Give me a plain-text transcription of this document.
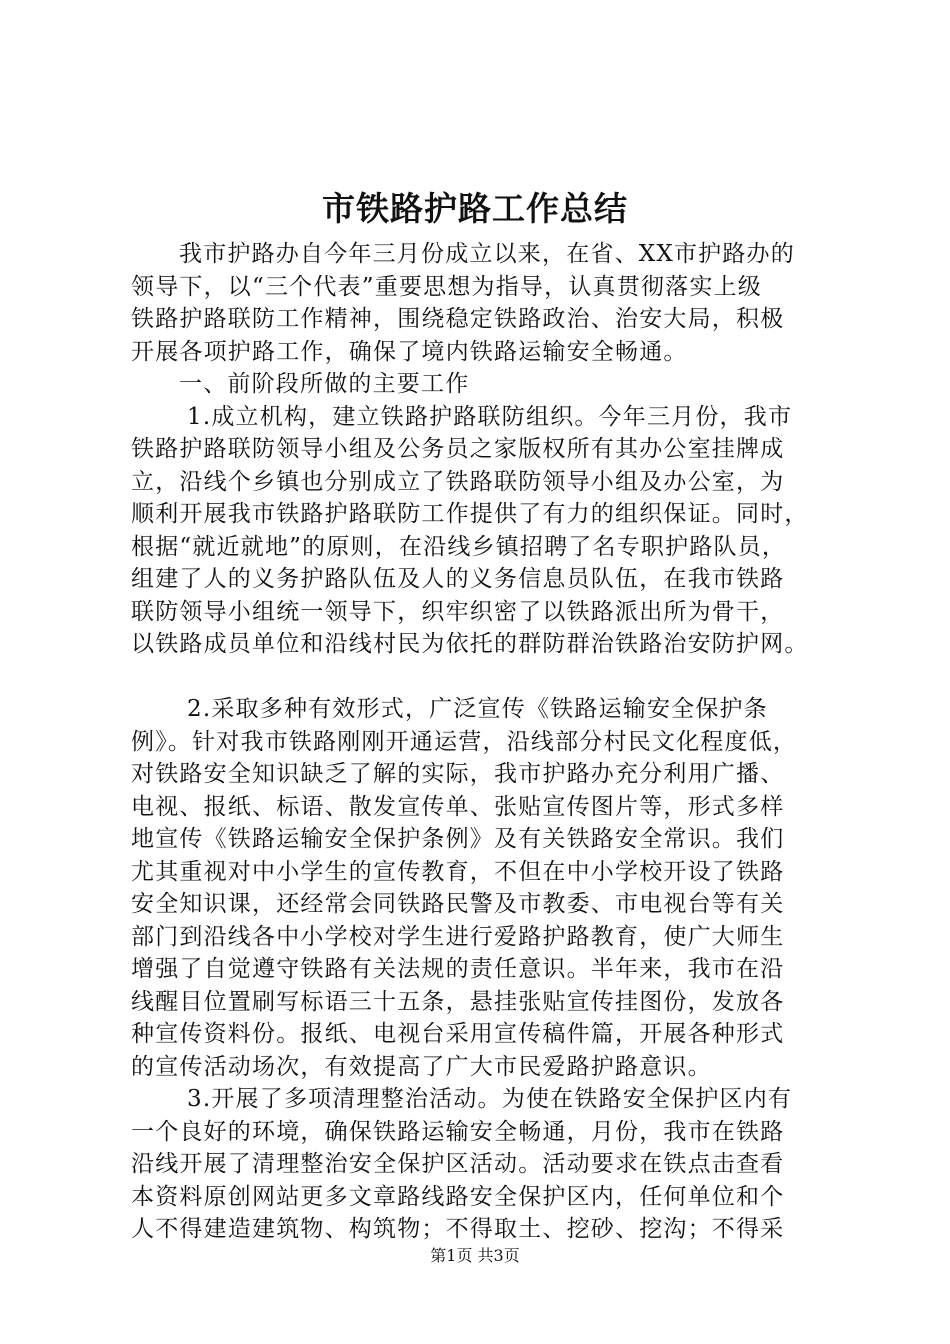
市铁路护路工作总结
我市护路办自今年三月份成立以来，在省、XX市护路办的
领导下，以“三个代表”重要思想为指导，认真贯彻落实上级
铁路护路联防工作精神，围绕稳定铁路政治、治安大局，积极
开展各项护路工作，确保了境内铁路运输安全畅通。
一、前阶段所做的主要工作
1.成立机构，建立铁路护路联防组织。今年三月份，我市
铁路护路联防领导小组及公务员之家版权所有其办公室挂牌成
立，沿线个乡镇也分别成立了铁路联防领导小组及办公室，为
顺利开展我市铁路护路联防工作提供了有力的组织保证。同时，
根据“就近就地”的原则，在沿线乡镇招聘了名专职护路队员，
组建了人的义务护路队伍及人的义务信息员队伍，在我市铁路
联防领导小组统一领导下，织牢织密了以铁路派出所为骨干，
以铁路成员单位和沿线村民为依托的群防群治铁路治安防护网。
2.采取多种有效形式，广泛宣传《铁路运输安全保护条
例》。针对我市铁路刚刚开通运营，沿线部分村民文化程度低，
对铁路安全知识缺乏了解的实际，我市护路办充分利用广播、
电视、报纸、标语、散发宣传单、张贴宣传图片等，形式多样
地宣传《铁路运输安全保护条例》及有关铁路安全常识。我们
尤其重视对中小学生的宣传教育，不但在中小学校开设了铁路
安全知识课，还经常会同铁路民警及市教委、市电视台等有关
部门到沿线各中小学校对学生进行爱路护路教育，使广大师生
增强了自觉遵守铁路有关法规的责任意识。半年来，我市在沿
线醒目位置刷写标语三十五条，悬挂张贴宣传挂图份，发放各
种宣传资料份。报纸、电视台采用宣传稿件篇，开展各种形式
的宣传活动场次，有效提高了广大市民爱路护路意识。
3.开展了多项清理整治活动。为使在铁路安全保护区内有
一个良好的环境，确保铁路运输安全畅通，月份，我市在铁路
沿线开展了清理整治安全保护区活动。活动要求在铁点击查看
本资料原创网站更多文章路线路安全保护区内，任何单位和个
人不得建造建筑物、构筑物；不得取土、挖砂、挖沟；不得采
第1页 共3页
